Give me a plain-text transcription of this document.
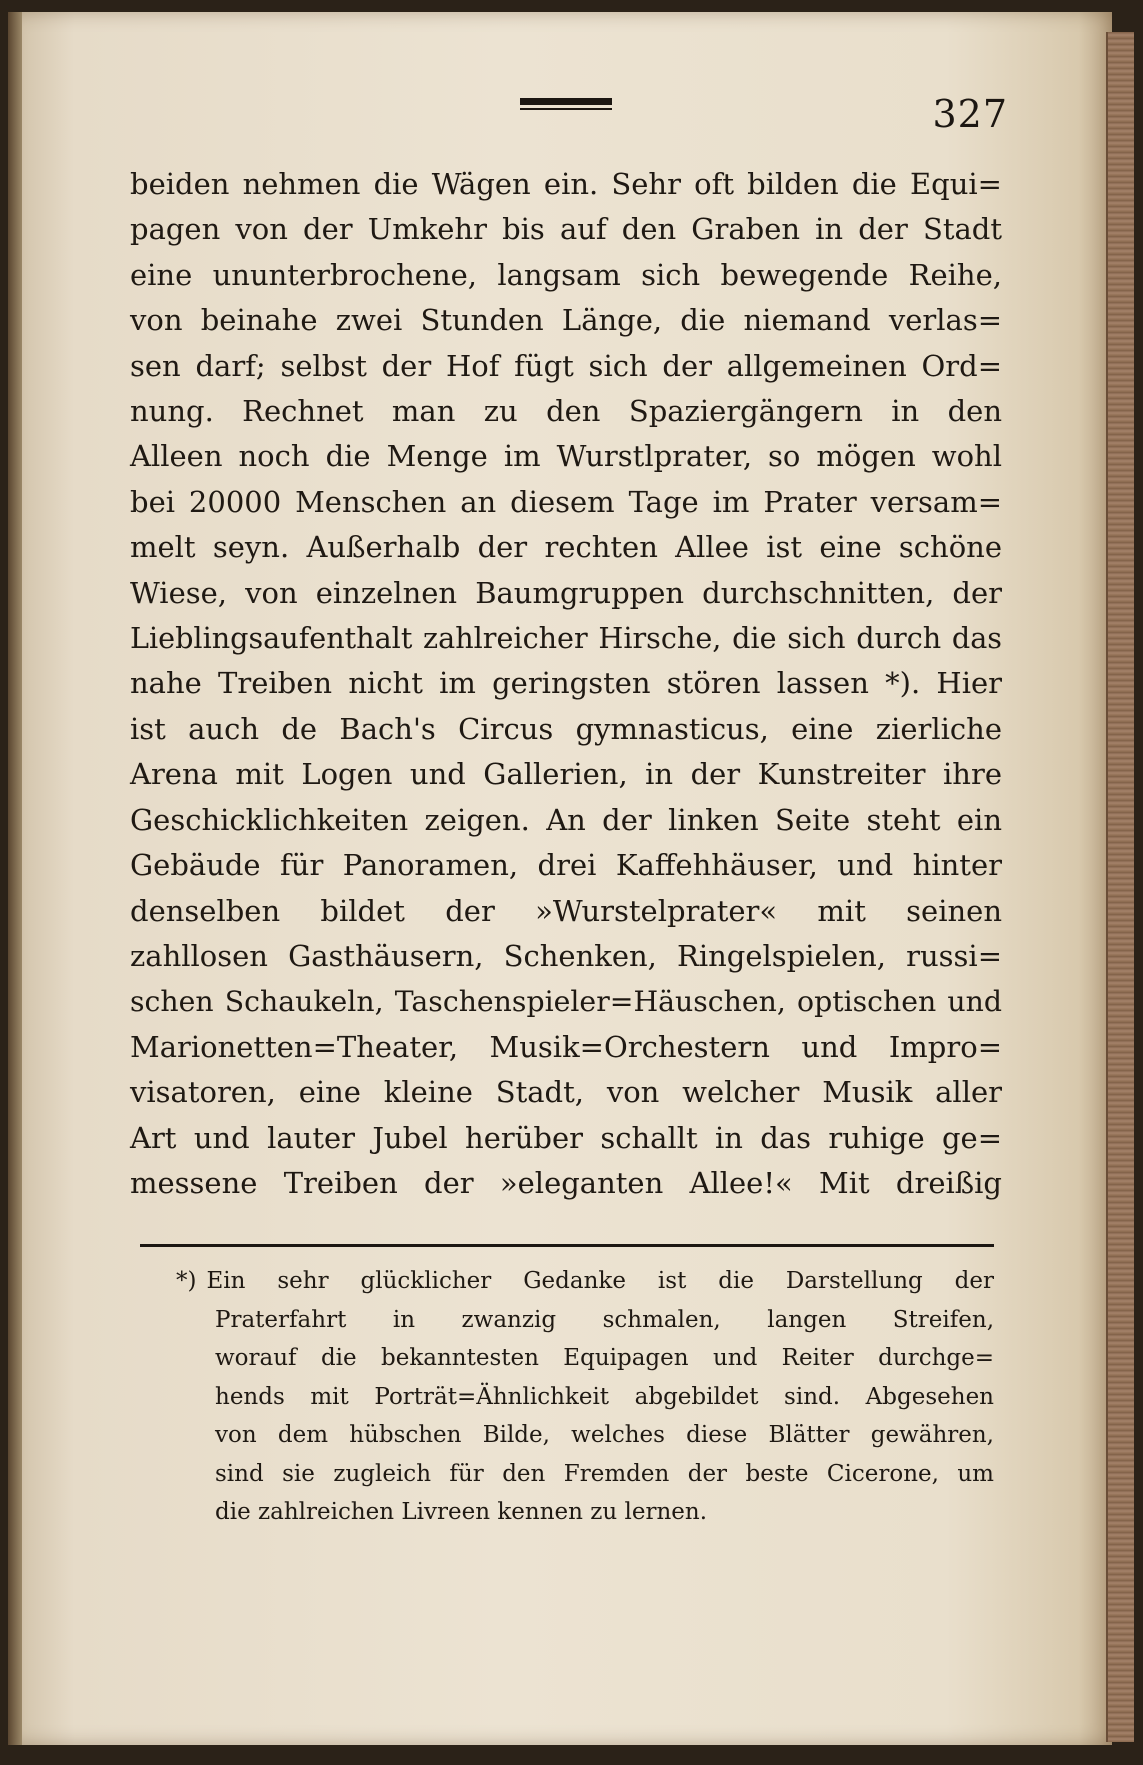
327
beiden nehmen die Wägen ein. Sehr oft bilden die Equi=
pagen von der Umkehr bis auf den Graben in der Stadt
eine ununterbrochene, langsam sich bewegende Reihe,
von beinahe zwei Stunden Länge, die niemand verlas=
sen darf; selbst der Hof fügt sich der allgemeinen Ord=
nung. Rechnet man zu den Spaziergängern in den
Alleen noch die Menge im Wurstlprater, so mögen wohl
bei 20000 Menschen an diesem Tage im Prater versam=
melt seyn. Außerhalb der rechten Allee ist eine schöne
Wiese, von einzelnen Baumgruppen durchschnitten, der
Lieblingsaufenthalt zahlreicher Hirsche, die sich durch das
nahe Treiben nicht im geringsten stören lassen *). Hier
ist auch de Bach's Circus gymnasticus, eine zierliche
Arena mit Logen und Gallerien, in der Kunstreiter ihre
Geschicklichkeiten zeigen. An der linken Seite steht ein
Gebäude für Panoramen, drei Kaffehhäuser, und hinter
denselben bildet der »Wurstelprater« mit seinen
zahllosen Gasthäusern, Schenken, Ringelspielen, russi=
schen Schaukeln, Taschenspieler=Häuschen, optischen und
Marionetten=Theater, Musik=Orchestern und Impro=
visatoren, eine kleine Stadt, von welcher Musik aller
Art und lauter Jubel herüber schallt in das ruhige ge=
messene Treiben der »eleganten Allee!« Mit dreißig
*) Ein sehr glücklicher Gedanke ist die Darstellung der
Praterfahrt in zwanzig schmalen, langen Streifen,
worauf die bekanntesten Equipagen und Reiter durchge=
hends mit Porträt=Ähnlichkeit abgebildet sind. Abgesehen
von dem hübschen Bilde, welches diese Blätter gewähren,
sind sie zugleich für den Fremden der beste Cicerone, um
die zahlreichen Livreen kennen zu lernen.
